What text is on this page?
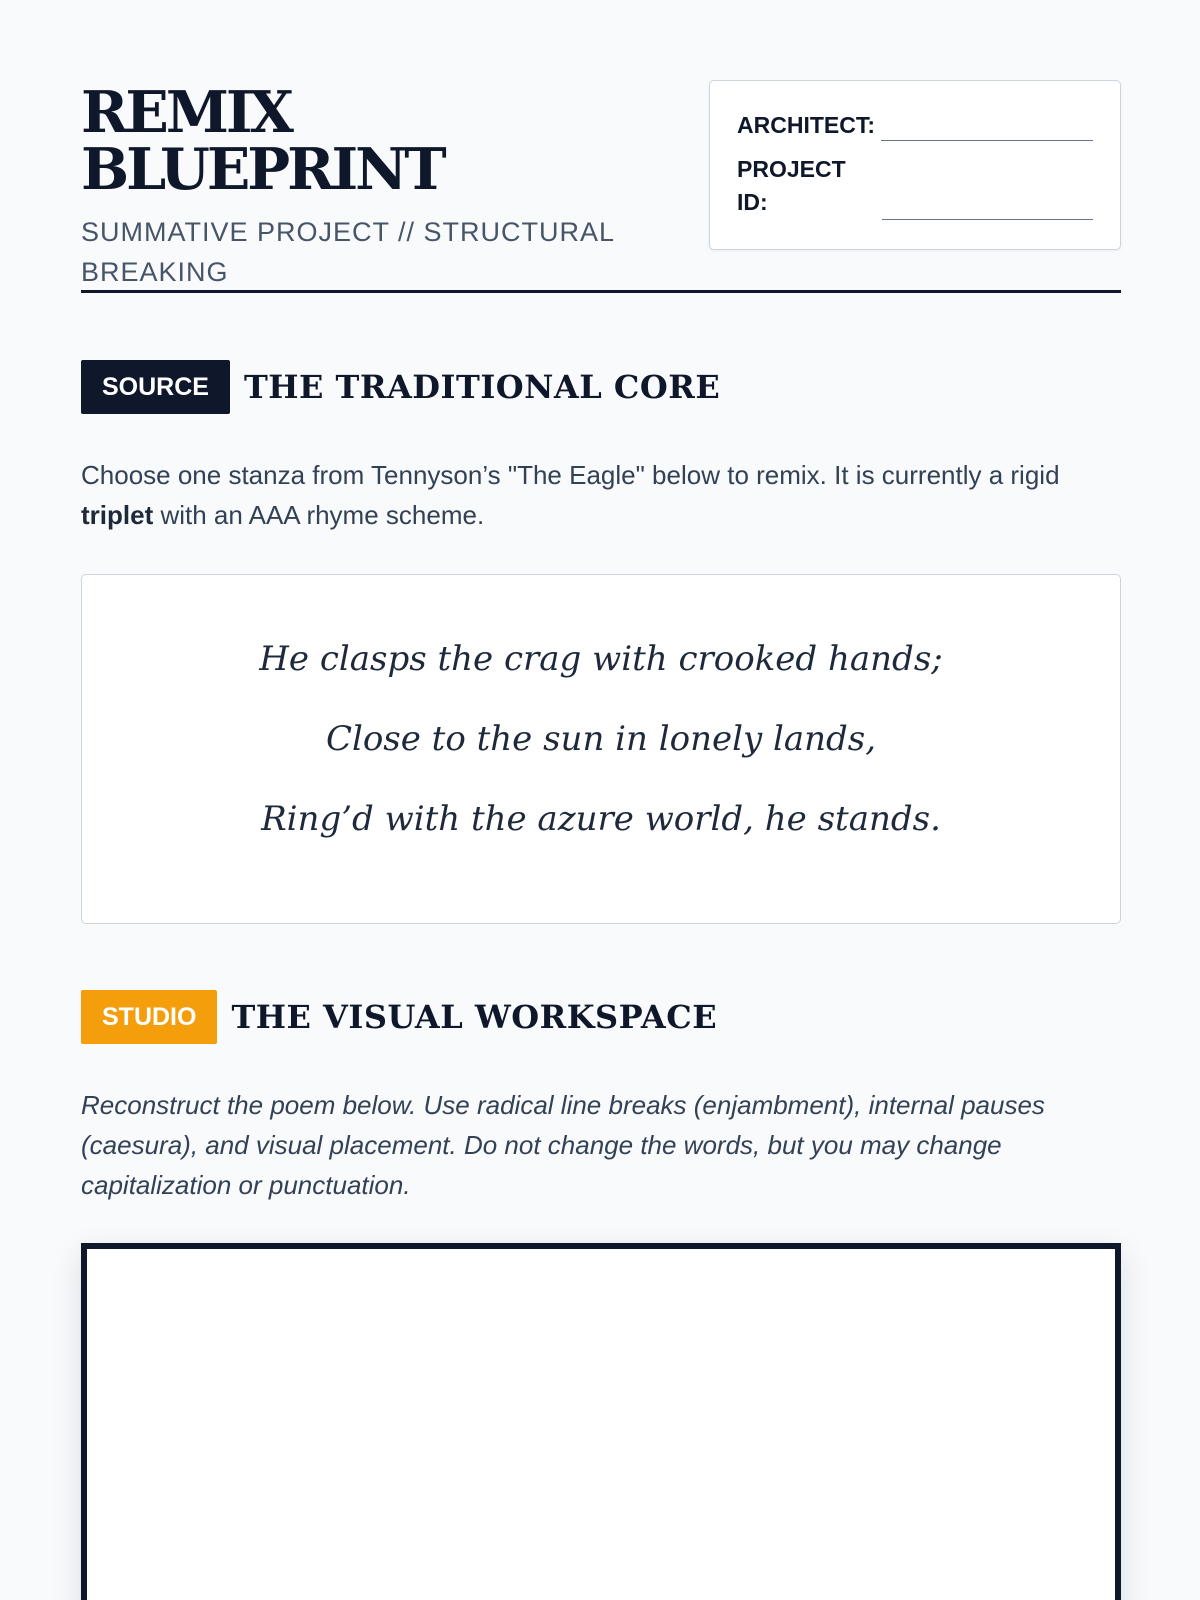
REMIX BLUEPRINT
SUMMATIVE PROJECT // STRUCTURAL BREAKING
ARCHITECT:
PROJECT ID:
SOURCE	THE TRADITIONAL CORE

Choose one stanza from Tennyson’s "The Eagle" below to remix. It is currently a rigid triplet with an AAA rhyme scheme.

He clasps the crag with crooked hands;
Close to the sun in lonely lands,
Ring’d with the azure world, he stands.
STUDIO	THE VISUAL WORKSPACE

Reconstruct the poem below. Use radical line breaks (enjambment), internal pauses (caesura), and visual placement. Do not change the words, but you may change capitalization or punctuation.
